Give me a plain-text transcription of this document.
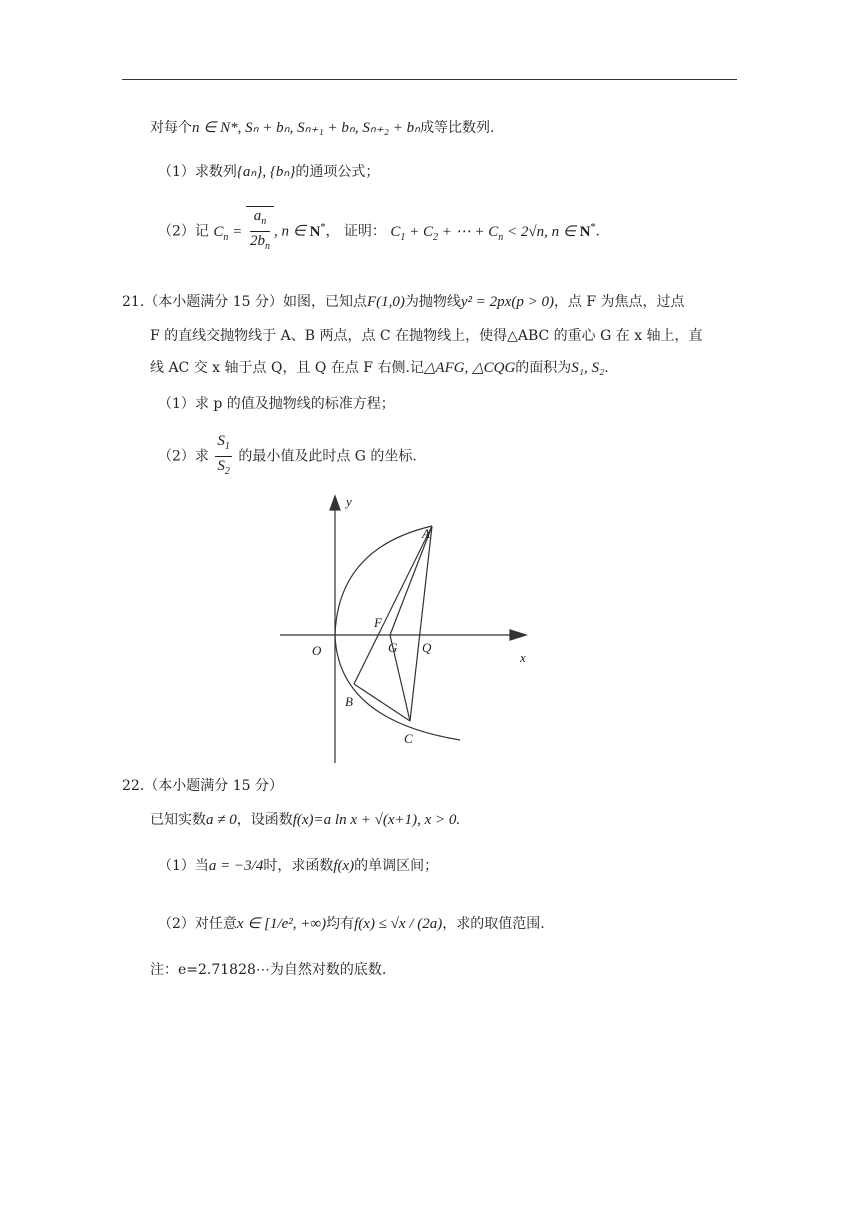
对每个n ∈ N*, Sₙ + bₙ, Sₙ₊₁ + bₙ, Sₙ₊₂ + bₙ成等比数列.
（1）求数列{aₙ}, {bₙ}的通项公式；
（2）记 $C_n = \frac{a_n}{2b_n}$ , n ∈ N*， 证明： $C_1 + C_2$ + ⋯ + $C_n < 2√n$, n ∈ N*.
21.（本小题满分 15 分）如图，已知点F(1,0)为抛物线y² = 2px(p > 0)，点 F 为焦点，过点
F 的直线交抛物线于 A、B 两点，点 C 在抛物线上，使得△ABC 的重心 G 在 x 轴上，直
线 AC 交 x 轴于点 Q，且 Q 在点 F 右侧.记△AFG, △CQG的面积为S₁, S₂.
（1）求 p 的值及抛物线的标准方程；
（2）求 $\frac{S_1}{S_2}$ 的最小值及此时点 G 的坐标.
y
x
O
A
B
C
F
G Q
22.（本小题满分 15 分）
已知实数a ≠ 0，设函数f(x)=a ln x + √(x+1), x > 0.
（1）当a = −3/4时，求函数f(x)的单调区间；
（2）对任意x ∈ [1/e², +∞)均有f(x) ≤ √x / (2a)，求的取值范围.
注：e=2.71828⋯为自然对数的底数.
